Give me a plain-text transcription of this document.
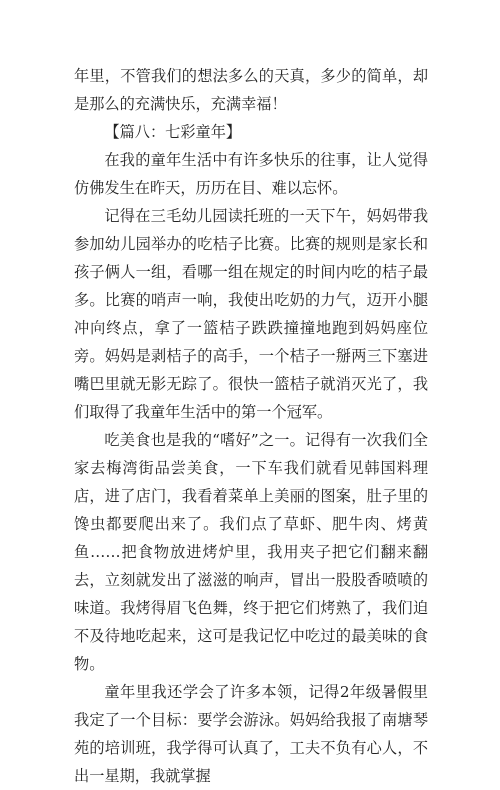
年里，不管我们的想法多么的天真，多少的简单，却是那么的充满快乐，充满幸福！

【篇八：七彩童年】

在我的童年生活中有许多快乐的往事，让人觉得仿佛发生在昨天，历历在目、难以忘怀。

记得在三毛幼儿园读托班的一天下午，妈妈带我参加幼儿园举办的吃桔子比赛。比赛的规则是家长和孩子俩人一组，看哪一组在规定的时间内吃的桔子最多。比赛的哨声一响，我使出吃奶的力气，迈开小腿冲向终点，拿了一篮桔子跌跌撞撞地跑到妈妈座位旁。妈妈是剥桔子的高手，一个桔子一掰两三下塞进嘴巴里就无影无踪了。很快一篮桔子就消灭光了，我们取得了我童年生活中的第一个冠军。

吃美食也是我的“嗜好”之一。记得有一次我们全家去梅湾街品尝美食，一下车我们就看见韩国料理店，进了店门，我看着菜单上美丽的图案，肚子里的馋虫都要爬出来了。我们点了草虾、肥牛肉、烤黄鱼……把食物放进烤炉里，我用夹子把它们翻来翻去，立刻就发出了滋滋的响声，冒出一股股香喷喷的味道。我烤得眉飞色舞，终于把它们烤熟了，我们迫不及待地吃起来，这可是我记忆中吃过的最美味的食物。

童年里我还学会了许多本领，记得2年级暑假里我定了一个目标：要学会游泳。妈妈给我报了南塘琴苑的培训班，我学得可认真了，工夫不负有心人，不出一星期，我就掌握
